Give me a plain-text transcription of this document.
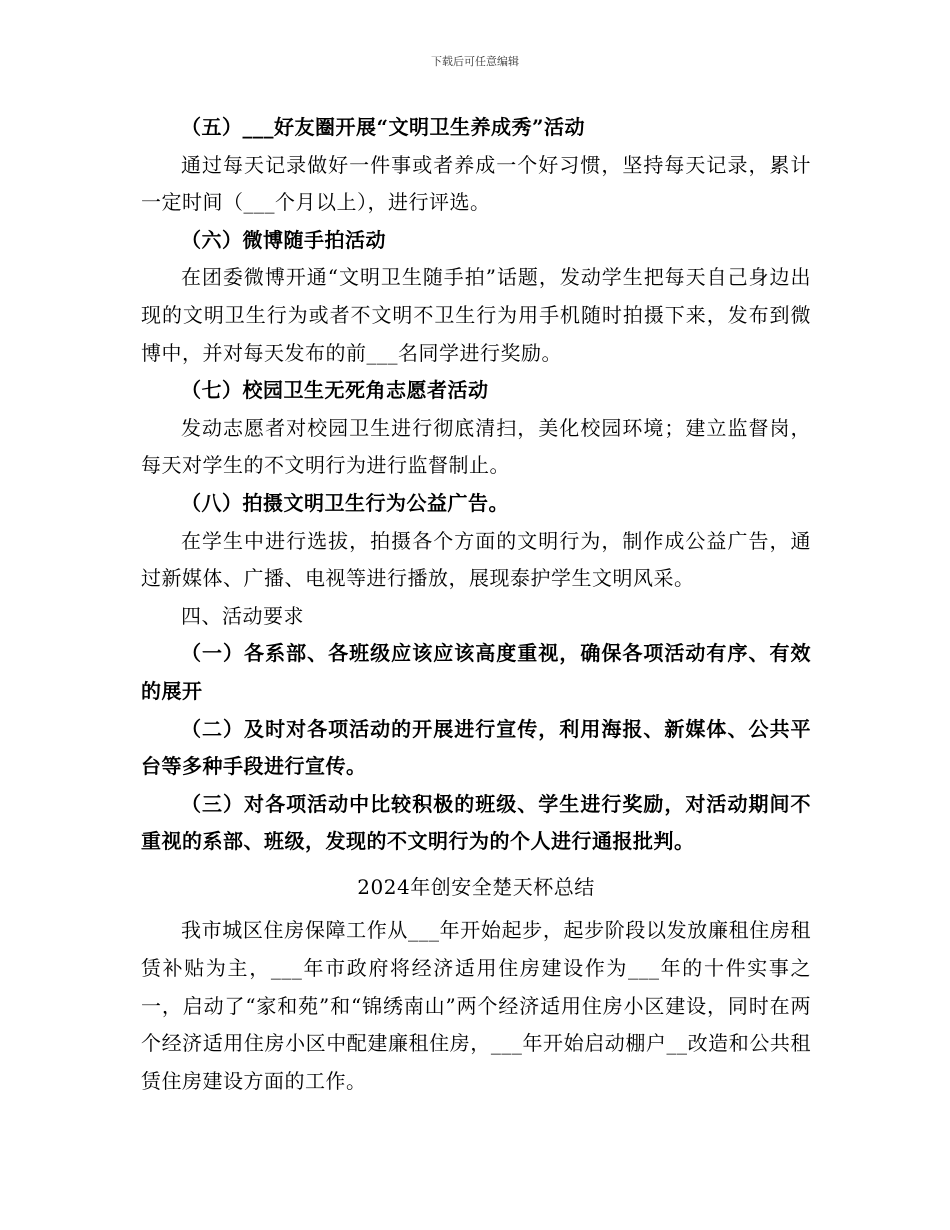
下载后可任意编辑

（五）___好友圈开展“文明卫生养成秀”活动

通过每天记录做好一件事或者养成一个好习惯，坚持每天记录，累计一定时间（___个月以上），进行评选。

（六）微博随手拍活动

在团委微博开通“文明卫生随手拍”话题，发动学生把每天自己身边出现的文明卫生行为或者不文明不卫生行为用手机随时拍摄下来，发布到微博中，并对每天发布的前___名同学进行奖励。

（七）校园卫生无死角志愿者活动

发动志愿者对校园卫生进行彻底清扫，美化校园环境；建立监督岗，每天对学生的不文明行为进行监督制止。

（八）拍摄文明卫生行为公益广告。

在学生中进行选拔，拍摄各个方面的文明行为，制作成公益广告，通过新媒体、广播、电视等进行播放，展现泰护学生文明风采。

四、活动要求

（一）各系部、各班级应该应该高度重视，确保各项活动有序、有效的展开

（二）及时对各项活动的开展进行宣传，利用海报、新媒体、公共平台等多种手段进行宣传。

（三）对各项活动中比较积极的班级、学生进行奖励，对活动期间不重视的系部、班级，发现的不文明行为的个人进行通报批判。

2024年创安全楚天杯总结

我市城区住房保障工作从___年开始起步，起步阶段以发放廉租住房租赁补贴为主，___年市政府将经济适用住房建设作为___年的十件实事之一，启动了“家和苑”和“锦绣南山”两个经济适用住房小区建设，同时在两个经济适用住房小区中配建廉租住房，___年开始启动棚户__改造和公共租赁住房建设方面的工作。
